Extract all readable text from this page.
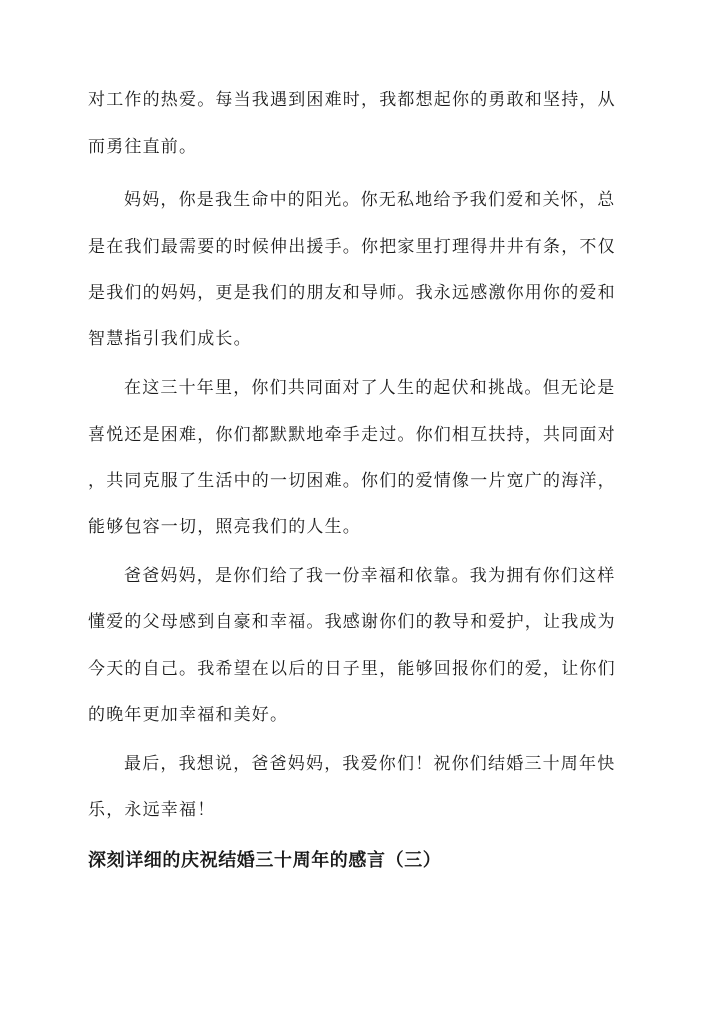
对工作的热爱。每当我遇到困难时，我都想起你的勇敢和坚持，从
而勇往直前。
妈妈，你是我生命中的阳光。你无私地给予我们爱和关怀，总
是在我们最需要的时候伸出援手。你把家里打理得井井有条，不仅
是我们的妈妈，更是我们的朋友和导师。我永远感激你用你的爱和
智慧指引我们成长。
在这三十年里，你们共同面对了人生的起伏和挑战。但无论是
喜悦还是困难，你们都默默地牵手走过。你们相互扶持，共同面对
，共同克服了生活中的一切困难。你们的爱情像一片宽广的海洋，
能够包容一切，照亮我们的人生。
爸爸妈妈，是你们给了我一份幸福和依靠。我为拥有你们这样
懂爱的父母感到自豪和幸福。我感谢你们的教导和爱护，让我成为
今天的自己。我希望在以后的日子里，能够回报你们的爱，让你们
的晚年更加幸福和美好。
最后，我想说，爸爸妈妈，我爱你们！祝你们结婚三十周年快
乐，永远幸福！
深刻详细的庆祝结婚三十周年的感言（三）
